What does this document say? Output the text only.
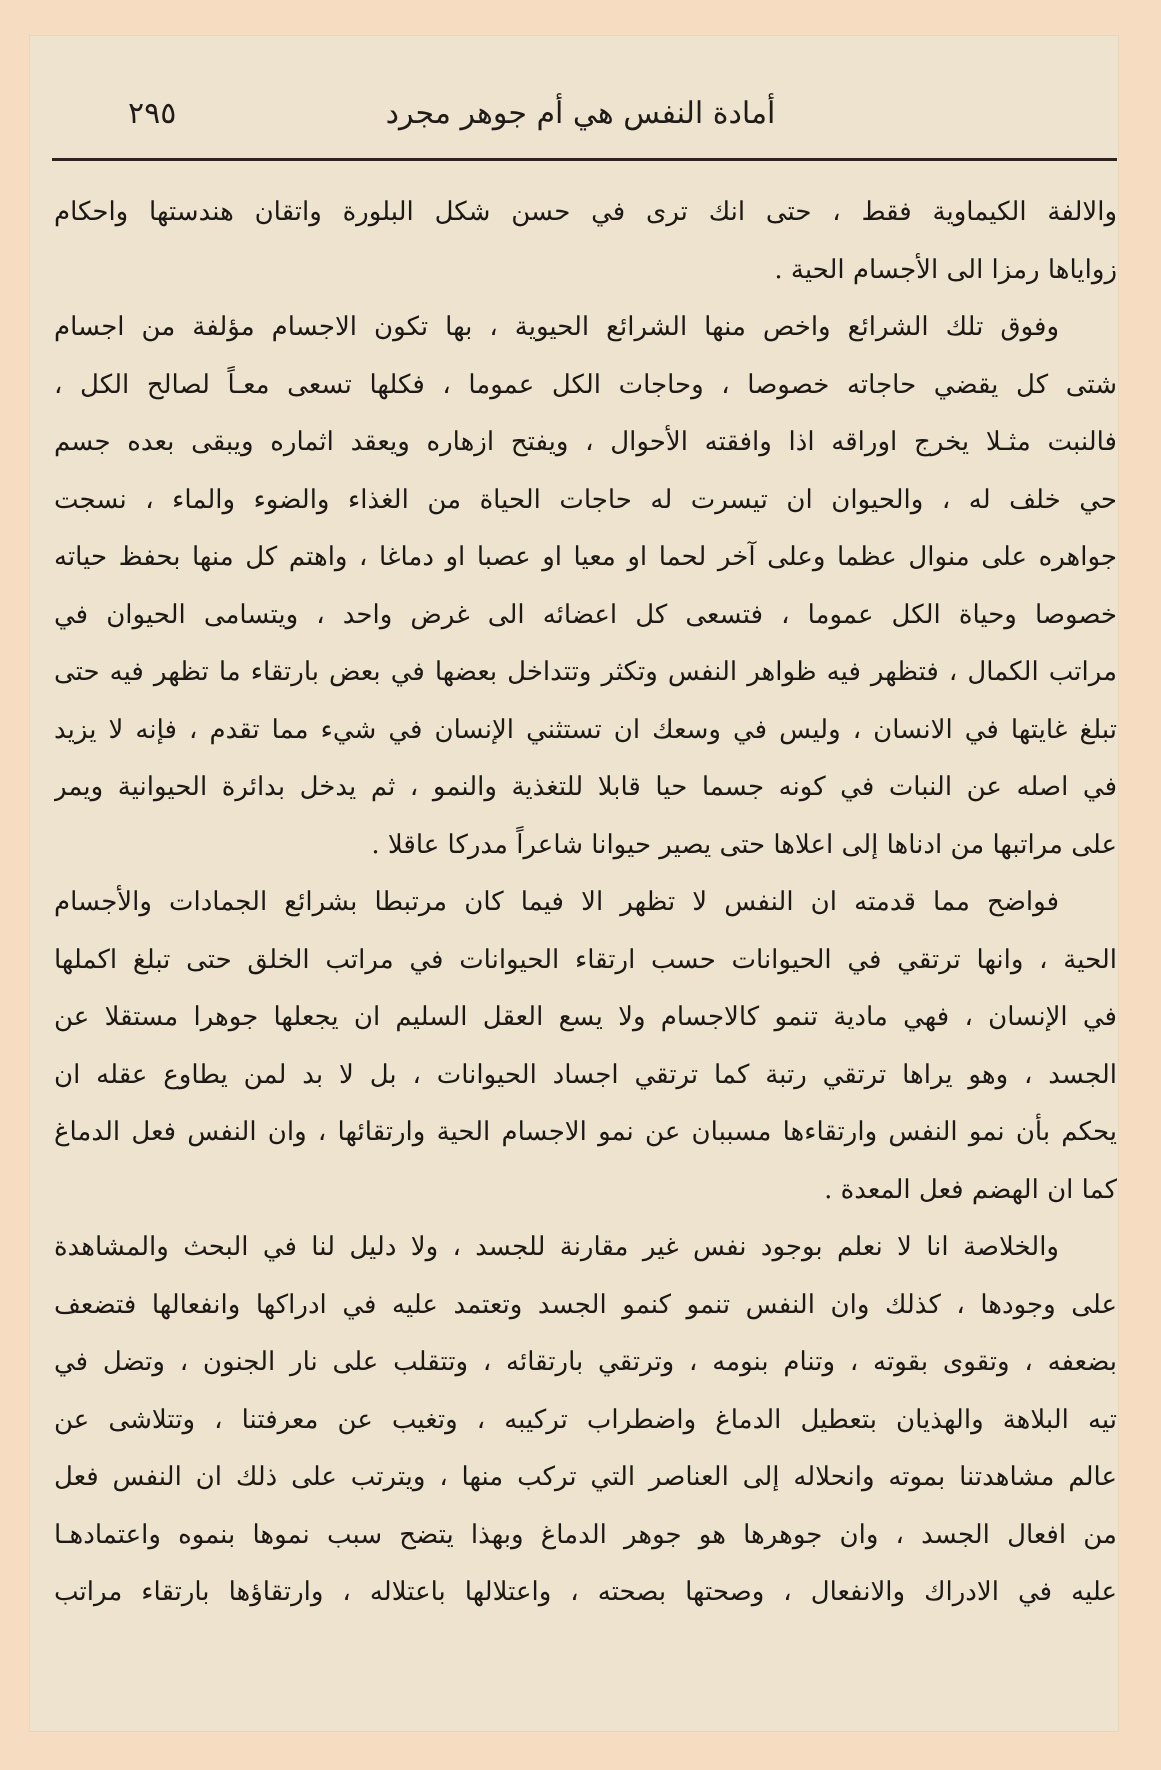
أمادة النفس هي أم جوهر مجرد
٢٩٥
والالفة الكيماوية فقط ، حتى انك ترى في حسن شكل البلورة واتقان هندستها واحكام
زواياها رمزا الى الأجسام الحية .
وفوق تلك الشرائع واخص منها الشرائع الحيوية ، بها تكون الاجسام مؤلفة من اجسام
شتى كل يقضي حاجاته خصوصا ، وحاجات الكل عموما ، فكلها تسعى معـاً لصالح الكل ،
فالنبت مثـلا يخرج اوراقه اذا وافقته الأحوال ، ويفتح ازهاره ويعقد اثماره ويبقى بعده جسم
حي خلف له ، والحيوان ان تيسرت له حاجات الحياة من الغذاء والضوء والماء ، نسجت
جواهره على منوال عظما وعلى آخر لحما او معيا او عصبا او دماغا ، واهتم كل منها بحفظ حياته
خصوصا وحياة الكل عموما ، فتسعى كل اعضائه الى غرض واحد ، ويتسامى الحيوان في
مراتب الكمال ، فتظهر فيه ظواهر النفس وتكثر وتتداخل بعضها في بعض بارتقاء ما تظهر فيه حتى
تبلغ غايتها في الانسان ، وليس في وسعك ان تستثني الإنسان في شيء مما تقدم ، فإنه لا يزيد
في اصله عن النبات في كونه جسما حيا قابلا للتغذية والنمو ، ثم يدخل بدائرة الحيوانية ويمر
على مراتبها من ادناها إلى اعلاها حتى يصير حيوانا شاعراً مدركا عاقلا .
فواضح مما قدمته ان النفس لا تظهر الا فيما كان مرتبطا بشرائع الجمادات والأجسام
الحية ، وانها ترتقي في الحيوانات حسب ارتقاء الحيوانات في مراتب الخلق حتى تبلغ اكملها
في الإنسان ، فهي مادية تنمو كالاجسام ولا يسع العقل السليم ان يجعلها جوهرا مستقلا عن
الجسد ، وهو يراها ترتقي رتبة كما ترتقي اجساد الحيوانات ، بل لا بد لمن يطاوع عقله ان
يحكم بأن نمو النفس وارتقاءها مسببان عن نمو الاجسام الحية وارتقائها ، وان النفس فعل الدماغ
كما ان الهضم فعل المعدة .
والخلاصة انا لا نعلم بوجود نفس غير مقارنة للجسد ، ولا دليل لنا في البحث والمشاهدة
على وجودها ، كذلك وان النفس تنمو كنمو الجسد وتعتمد عليه في ادراكها وانفعالها فتضعف
بضعفه ، وتقوى بقوته ، وتنام بنومه ، وترتقي بارتقائه ، وتتقلب على نار الجنون ، وتضل في
تيه البلاهة والهذيان بتعطيل الدماغ واضطراب تركيبه ، وتغيب عن معرفتنا ، وتتلاشى عن
عالم مشاهدتنا بموته وانحلاله إلى العناصر التي تركب منها ، ويترتب على ذلك ان النفس فعل
من افعال الجسد ، وان جوهرها هو جوهر الدماغ وبهذا يتضح سبب نموها بنموه واعتمادهـا
عليه في الادراك والانفعال ، وصحتها بصحته ، واعتلالها باعتلاله ، وارتقاؤها بارتقاء مراتب
